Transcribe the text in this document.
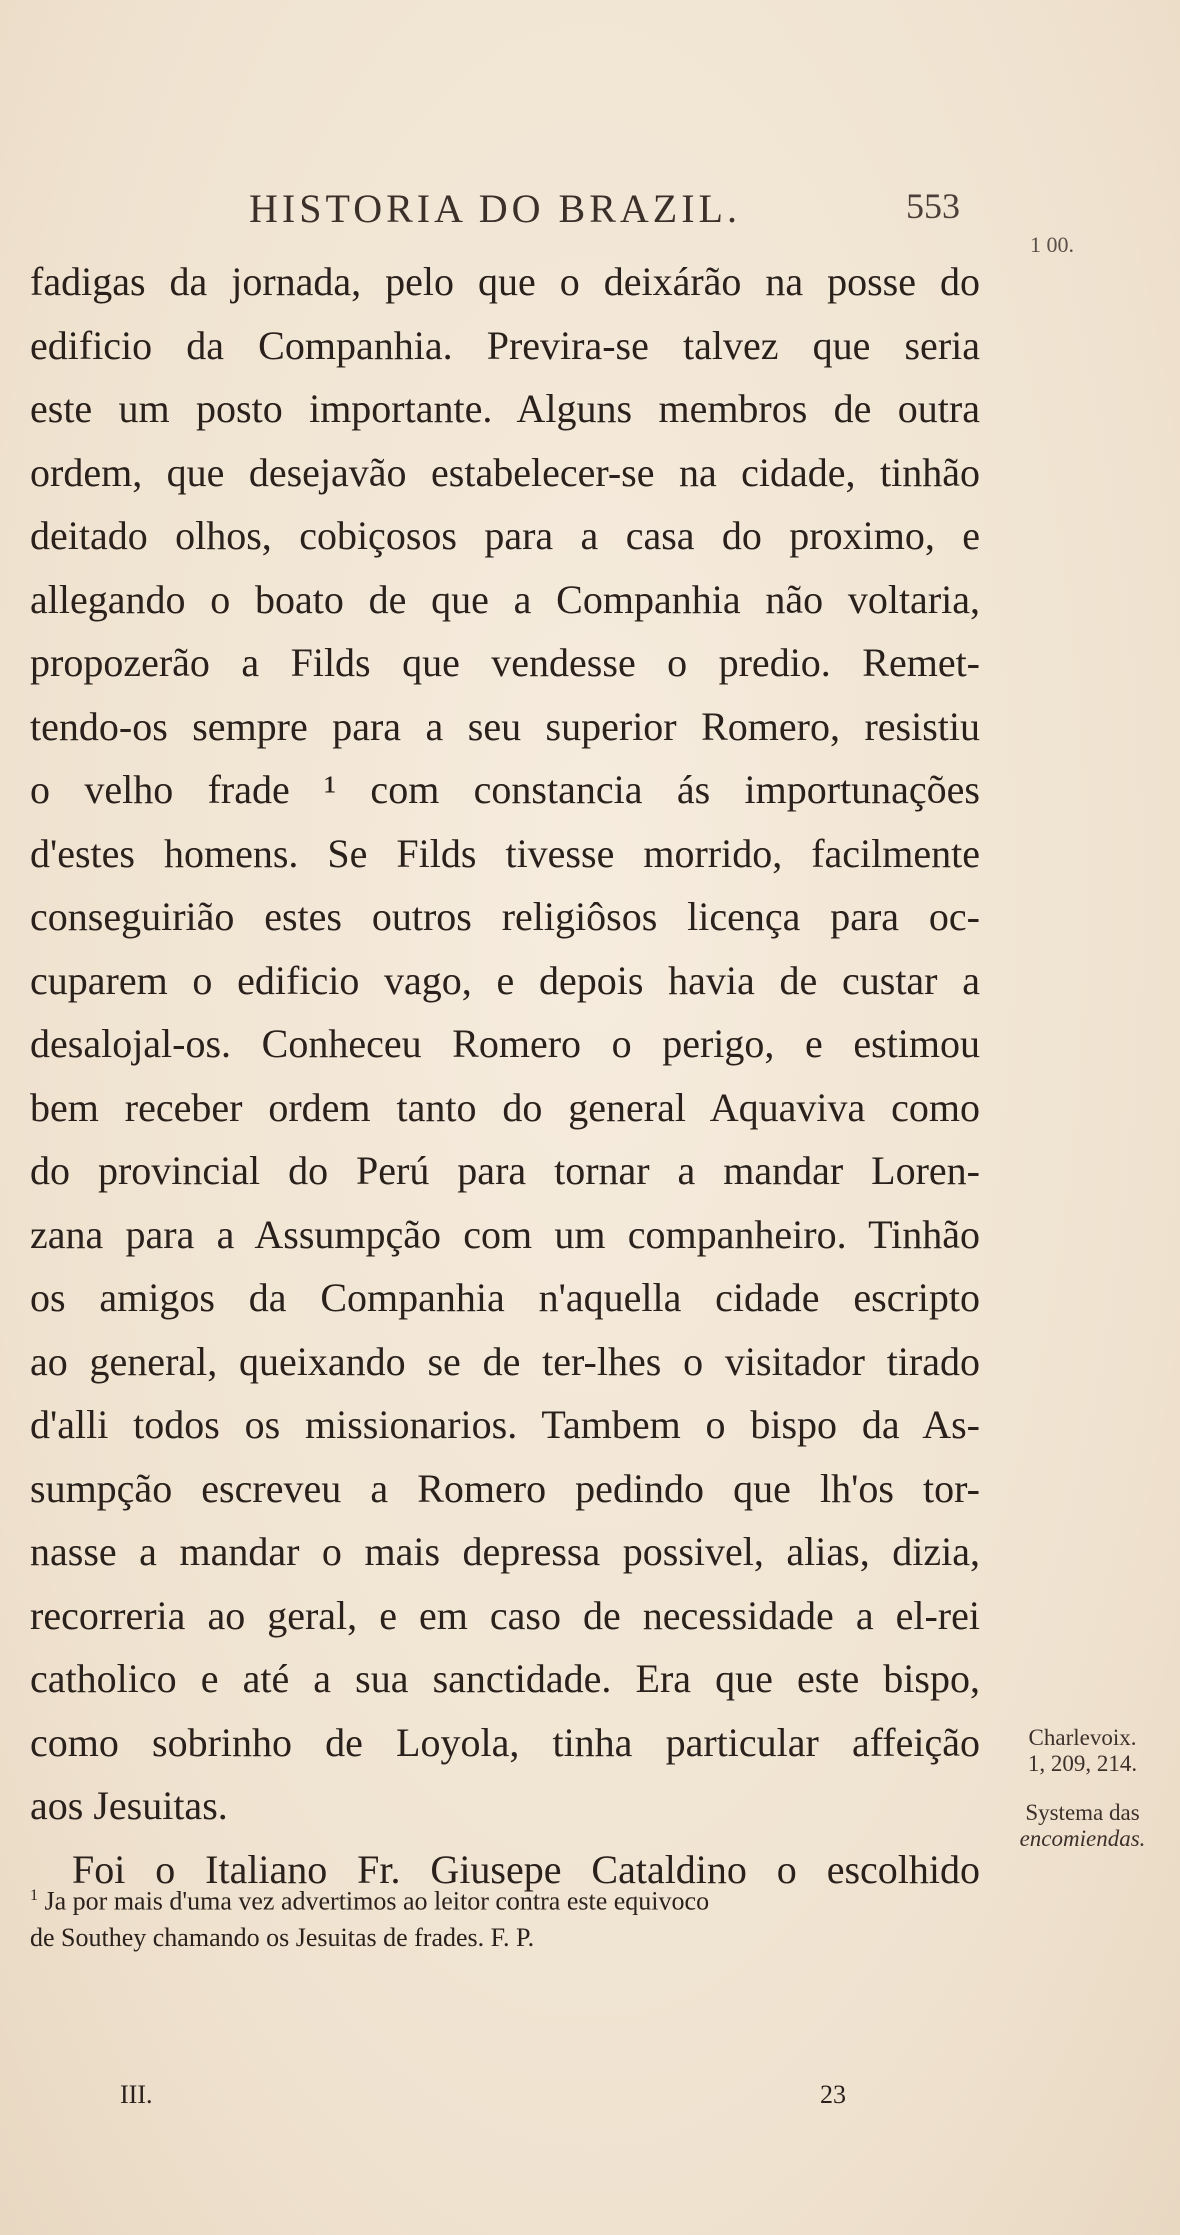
HISTORIA DO BRAZIL.	553
1 00.
fadigas da jornada, pelo que o deixárão na posse do
edificio da Companhia. Previra-se talvez que seria
este um posto importante. Alguns membros de outra
ordem, que desejavão estabelecer-se na cidade, tinhão
deitado olhos, cobiçosos para a casa do proximo, e
allegando o boato de que a Companhia não voltaria,
propozerão a Filds que vendesse o predio. Remet-
tendo-os sempre para a seu superior Romero, resistiu
o velho frade ¹ com constancia ás importunações
d'estes homens. Se Filds tivesse morrido, facilmente
conseguirião estes outros religiôsos licença para oc-
cuparem o edificio vago, e depois havia de custar a
desalojal-os. Conheceu Romero o perigo, e estimou
bem receber ordem tanto do general Aquaviva como
do provincial do Perú para tornar a mandar Loren-
zana para a Assumpção com um companheiro. Tinhão
os amigos da Companhia n'aquella cidade escripto
ao general, queixando se de ter-lhes o visitador tirado
d'alli todos os missionarios. Tambem o bispo da As-
sumpção escreveu a Romero pedindo que lh'os tor-
nasse a mandar o mais depressa possivel, alias, dizia,
recorreria ao geral, e em caso de necessidade a el-rei
catholico e até a sua sanctidade. Era que este bispo,
como sobrinho de Loyola, tinha particular affeição
aos Jesuitas.
Foi o Italiano Fr. Giusepe Cataldino o escolhido
Charlevoix.
1, 209, 214.
Systema das
encomiendas.
$^1$ Ja por mais d'uma vez advertimos ao leitor contra este equivoco
de Southey chamando os Jesuitas de frades. F. P.
III.	23
